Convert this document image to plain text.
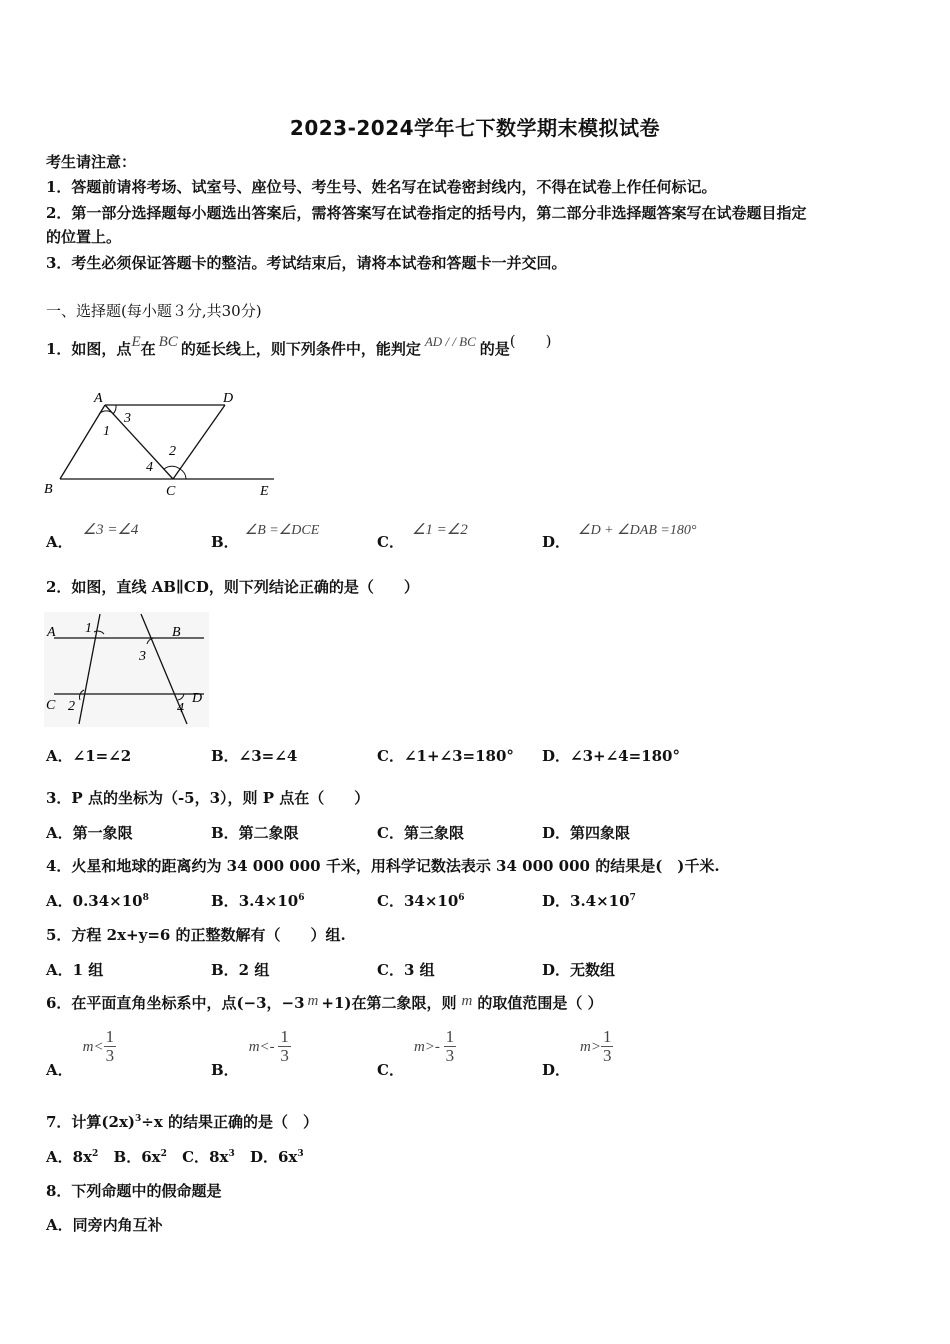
2023-2024学年七下数学期末模拟试卷
考生请注意：
1．答题前请将考场、试室号、座位号、考生号、姓名写在试卷密封线内，不得在试卷上作任何标记。
2．第一部分选择题每小题选出答案后，需将答案写在试卷指定的括号内，第二部分非选择题答案写在试卷题目指定
的位置上。
3．考生必须保证答题卡的整洁。考试结束后，请将本试卷和答题卡一并交回。
一、选择题(每小题３分,共30分)
1．如图，点E在 BC 的延长线上，则下列条件中，能判定 AD / / BC 的是(　　)
A	D
B	C	E
1
2
3
4
A．∠3 =∠4
B．∠B =∠DCE
C．∠1 =∠2
D．∠D + ∠DAB =180°
2．如图，直线 AB∥CD，则下列结论正确的是（　　）
A	B
C	D
1
2
3
4
A．∠1=∠2	B．∠3=∠4	C．∠1+∠3=180° D．∠3+∠4=180°
3．P 点的坐标为（-5，3），则 P 点在（　　）
A．第一象限	B．第二象限	C．第三象限	D．第四象限
4．火星和地球的距离约为 34 000 000 千米，用科学记数法表示 34 000 000 的结果是(　)千米.
A．$0.34\times 10^8$	B．$3.4\times 10^6$	C．$34\times 10^6$	D．$3.4\times 10^7$
5．方程 2x+y=6 的正整数解有（　　）组.
A．1 组	B．2 组	C．3 组	D．无数组
6．在平面直角坐标系中，点(−3，−3 m +1)在第二象限，则 m 的取值范围是（ ）
A．$m< \frac{1}{3}$
B．$m<- \frac{1}{3}$
C．$m>- \frac{1}{3}$
D．$m> \frac{1}{3}$
7．计算$(2x)^3\div x$ 的结果正确的是（　）
A．$8x^2$ B．$6x^2$ C．$8x^3$ D．$6x^3$
8．下列命题中的假命题是
A．同旁内角互补
